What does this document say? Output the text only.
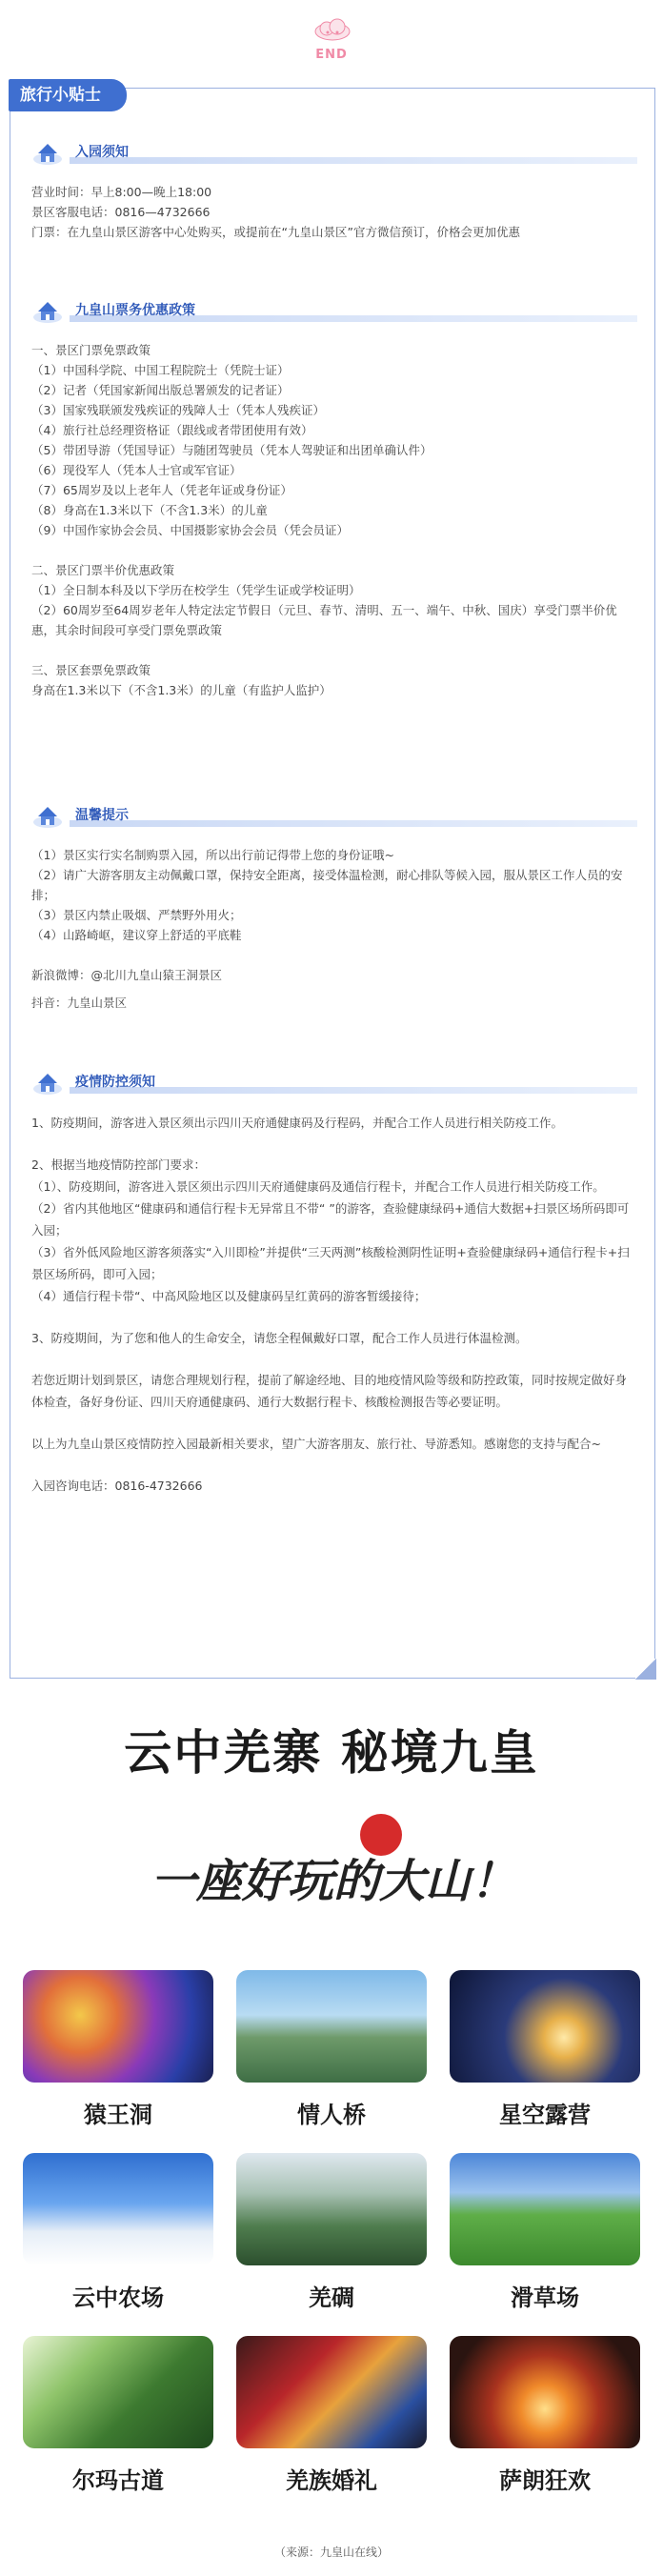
END
旅行小贴士
入园须知

营业时间：早上8:00—晚上18:00

景区客服电话：0816—4732666

门票：在九皇山景区游客中心处购买，或提前在“九皇山景区”官方微信预订，价格会更加优惠

九皇山票务优惠政策

一、景区门票免票政策

（1）中国科学院、中国工程院院士（凭院士证）

（2）记者（凭国家新闻出版总署颁发的记者证）

（3）国家残联颁发残疾证的残障人士（凭本人残疾证）

（4）旅行社总经理资格证（跟线或者带团使用有效）

（5）带团导游（凭国导证）与随团驾驶员（凭本人驾驶证和出团单确认件）

（6）现役军人（凭本人士官或军官证）

（7）65周岁及以上老年人（凭老年证或身份证）

（8）身高在1.3米以下（不含1.3米）的儿童

（9）中国作家协会会员、中国摄影家协会会员（凭会员证）

二、景区门票半价优惠政策

（1）全日制本科及以下学历在校学生（凭学生证或学校证明）

（2）60周岁至64周岁老年人特定法定节假日（元旦、春节、清明、五一、端午、中秋、国庆）享受门票半价优惠，其余时间段可享受门票免票政策

三、景区套票免票政策

身高在1.3米以下（不含1.3米）的儿童（有监护人监护）

温馨提示

（1）景区实行实名制购票入园，所以出行前记得带上您的身份证哦~

（2）请广大游客朋友主动佩戴口罩，保持安全距离，接受体温检测，耐心排队等候入园，服从景区工作人员的安排；

（3）景区内禁止吸烟、严禁野外用火；

（4）山路崎岖，建议穿上舒适的平底鞋

新浪微博：@北川九皇山猿王洞景区

抖音：九皇山景区

疫情防控须知

1、防疫期间，游客进入景区须出示四川天府通健康码及行程码，并配合工作人员进行相关防疫工作。

2、根据当地疫情防控部门要求：

（1）、防疫期间，游客进入景区须出示四川天府通健康码及通信行程卡，并配合工作人员进行相关防疫工作。

（2）省内其他地区“健康码和通信行程卡无异常且不带“ ”的游客，查验健康绿码+通信大数据+扫景区场所码即可入园；

（3）省外低风险地区游客须落实“入川即检”并提供“三天两测”核酸检测阴性证明+查验健康绿码+通信行程卡+扫景区场所码，即可入园；

（4）通信行程卡带“、中高风险地区以及健康码呈红黄码的游客暂缓接待；

3、防疫期间，为了您和他人的生命安全，请您全程佩戴好口罩，配合工作人员进行体温检测。

若您近期计划到景区，请您合理规划行程，提前了解途经地、目的地疫情风险等级和防控政策，同时按规定做好身体检查，备好身份证、四川天府通健康码、通行大数据行程卡、核酸检测报告等必要证明。

以上为九皇山景区疫情防控入园最新相关要求，望广大游客朋友、旅行社、导游悉知。感谢您的支持与配合~

入园咨询电话：0816-4732666

云中羌寨 秘境九皇
一座好玩的大山！
猿王洞	情人桥	星空露营
云中农场	羌碉	滑草场
尔玛古道	羌族婚礼	萨朗狂欢
（来源：九皇山在线）
